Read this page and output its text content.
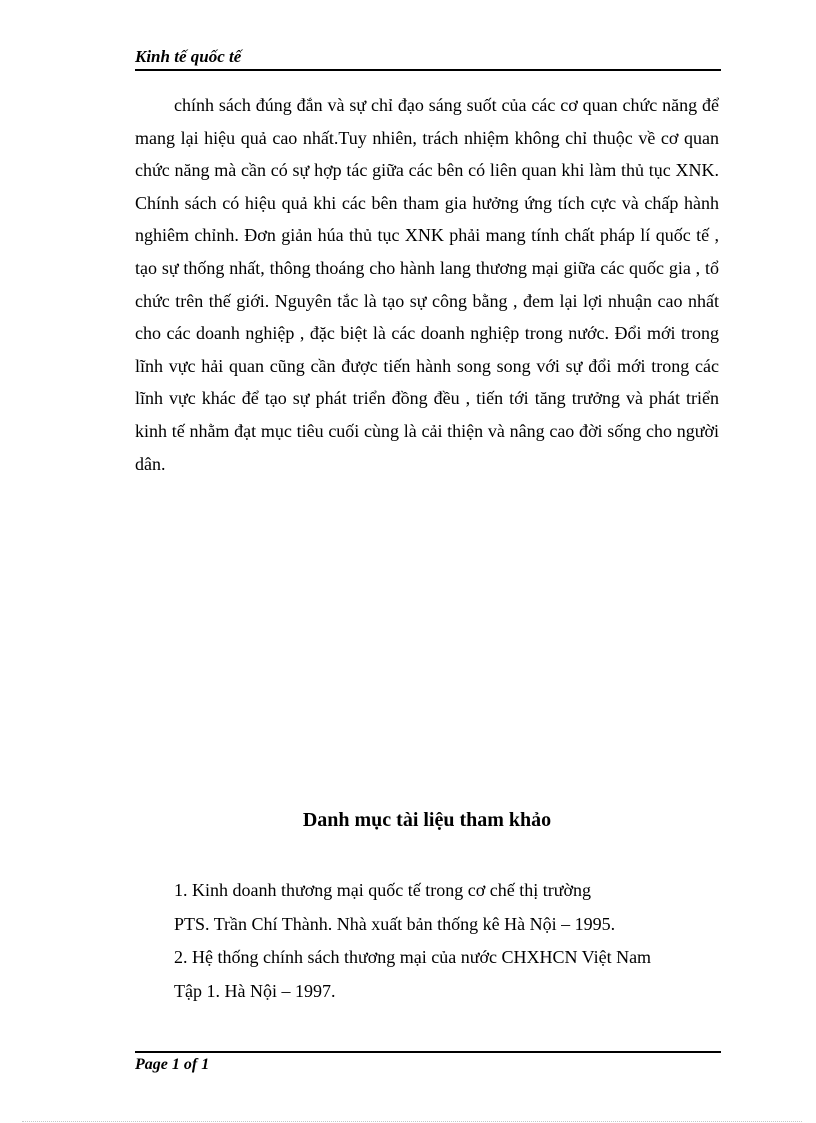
Kinh tế quốc tế

chính sách đúng đắn và sự chỉ đạo sáng suốt của các cơ quan chức năng để mang lại hiệu quả cao nhất.Tuy nhiên, trách nhiệm không chỉ thuộc về cơ quan chức năng mà cần có sự hợp tác giữa các bên có liên quan khi làm thủ tục XNK. Chính sách có hiệu quả khi các bên tham gia hưởng ứng tích cực và chấp hành nghiêm chỉnh. Đơn giản húa thủ tục XNK phải mang tính chất pháp lí quốc tế , tạo sự thống nhất, thông thoáng cho hành lang thương mại giữa các quốc gia , tổ chức trên thế giới. Nguyên tắc là tạo sự công bằng , đem lại lợi nhuận cao nhất cho các doanh nghiệp , đặc biệt là các doanh nghiệp trong nước. Đổi mới trong lĩnh vực hải quan cũng cần được tiến hành song song với sự đổi mới trong các lĩnh vực khác để tạo sự phát triển đồng đều , tiến tới tăng trưởng và phát triển kinh tế nhằm đạt mục tiêu cuối cùng là cải thiện và nâng cao đời sống cho người dân.

Danh mục tài liệu tham khảo
1. Kinh doanh thương mại quốc tế trong cơ chế thị trường
PTS. Trần Chí Thành. Nhà xuất bản thống kê Hà Nội – 1995.
2. Hệ thống chính sách thương mại của nước CHXHCN Việt Nam
Tập 1. Hà Nội – 1997.
Page 1 of 1
